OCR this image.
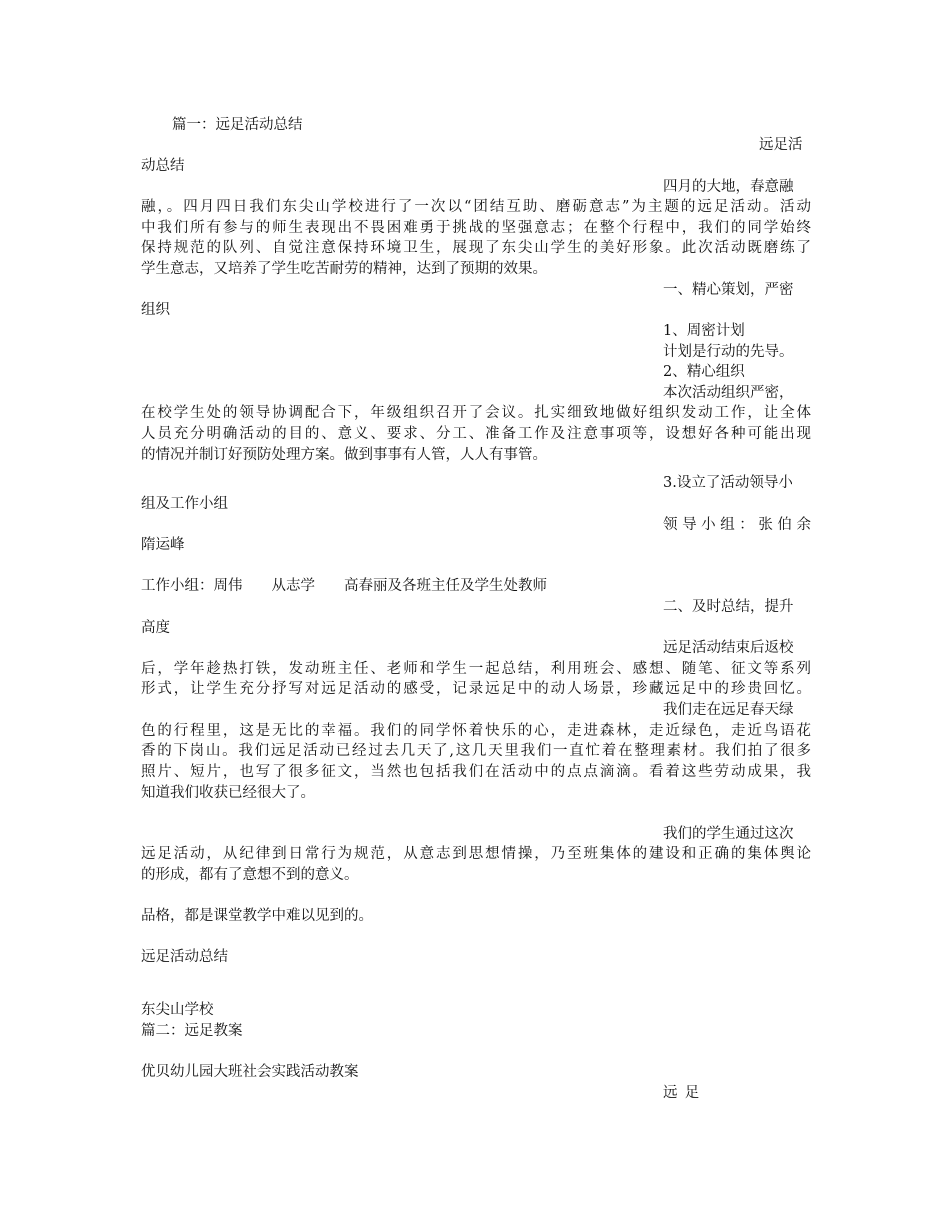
篇一：远足活动总结
远足活
动总结
四月的大地，春意融
融，。四月四日我们东尖山学校进行了一次以“团结互助、磨砺意志”为主题的远足活动。活动
中我们所有参与的师生表现出不畏困难勇于挑战的坚强意志；在整个行程中，我们的同学始终
保持规范的队列、自觉注意保持环境卫生，展现了东尖山学生的美好形象。此次活动既磨练了
学生意志，又培养了学生吃苦耐劳的精神，达到了预期的效果。
一、精心策划，严密
组织
1、周密计划
计划是行动的先导。
2、精心组织
本次活动组织严密，
在校学生处的领导协调配合下，年级组织召开了会议。扎实细致地做好组织发动工作，让全体
人员充分明确活动的目的、意义、要求、分工、准备工作及注意事项等，设想好各种可能出现
的情况并制订好预防处理方案。做到事事有人管，人人有事管。
3.设立了活动领导小
组及工作小组
领导小组：张伯余
隋运峰
工作小组：周伟　　从志学　　高春丽及各班主任及学生处教师
二、及时总结，提升
高度
远足活动结束后返校
后，学年趁热打铁，发动班主任、老师和学生一起总结，利用班会、感想、随笔、征文等系列
形式，让学生充分抒写对远足活动的感受，记录远足中的动人场景，珍藏远足中的珍贵回忆。
我们走在远足春天绿
色的行程里，这是无比的幸福。我们的同学怀着快乐的心，走进森林，走近绿色，走近鸟语花
香的下岗山。我们远足活动已经过去几天了,这几天里我们一直忙着在整理素材。我们拍了很多
照片、短片，也写了很多征文，当然也包括我们在活动中的点点滴滴。看着这些劳动成果，我
知道我们收获已经很大了。
我们的学生通过这次
远足活动，从纪律到日常行为规范，从意志到思想情操，乃至班集体的建设和正确的集体舆论
的形成，都有了意想不到的意义。
品格，都是课堂教学中难以见到的。
远足活动总结
东尖山学校
篇二：远足教案
优贝幼儿园大班社会实践活动教案
远足
